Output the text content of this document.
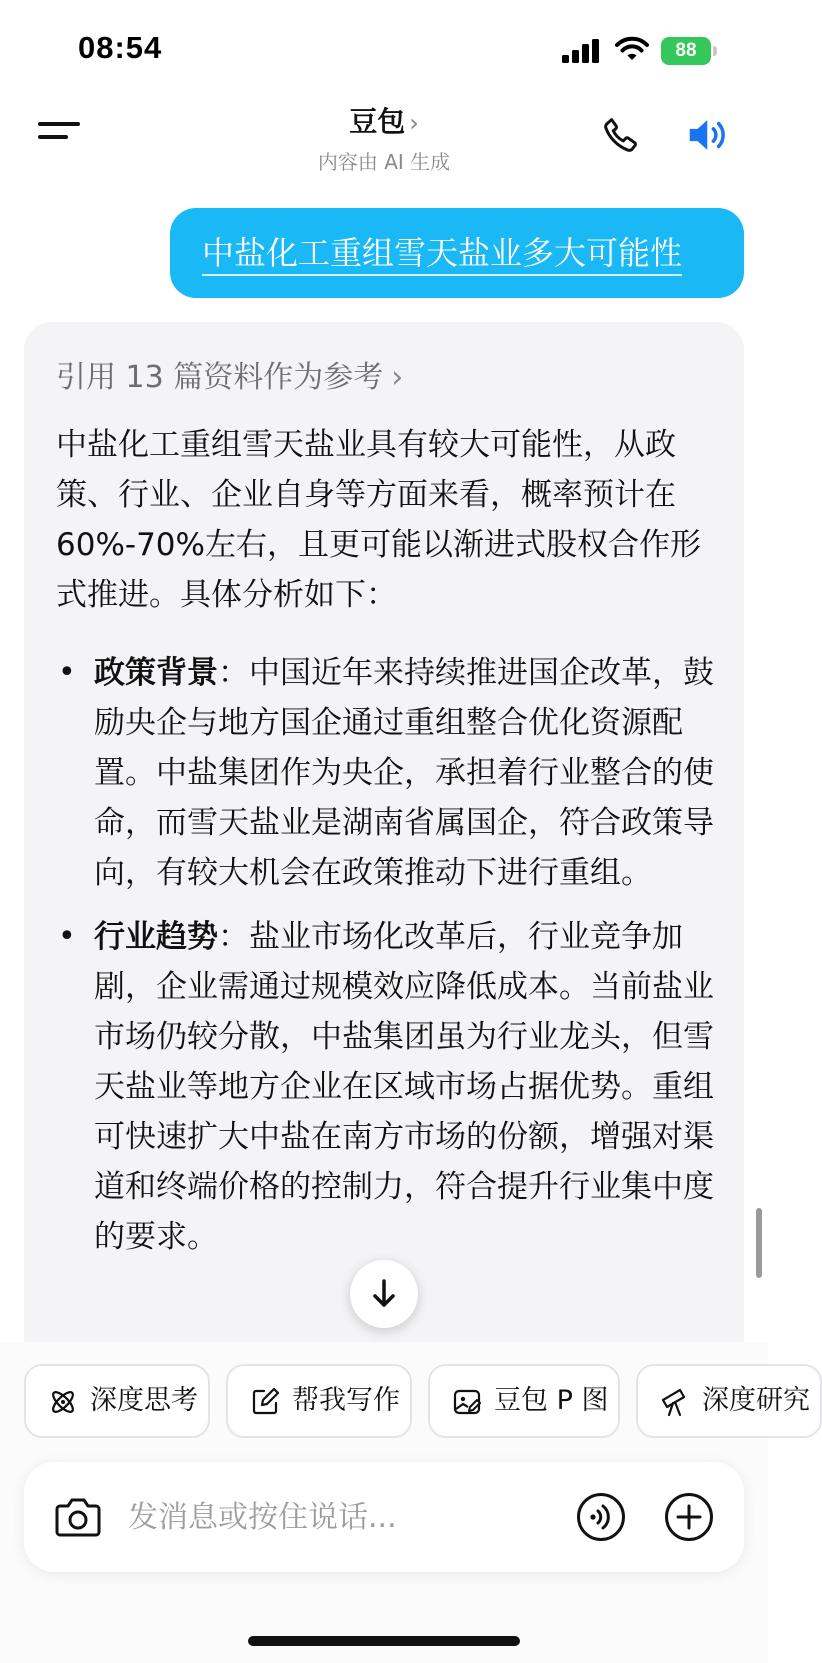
08:54	88
豆包 ›
内容由 AI 生成
中盐化工重组雪天盐业多大可能性
引用 13 篇资料作为参考 ›
中盐化工重组雪天盐业具有较大可能性，从政策、行业、企业自身等方面来看，概率预计在60%-70%左右，且更可能以渐进式股权合作形式推进。具体分析如下：
• 政策背景：中国近年来持续推进国企改革，鼓励央企与地方国企通过重组整合优化资源配置。中盐集团作为央企，承担着行业整合的使命，而雪天盐业是湖南省属国企，符合政策导向，有较大机会在政策推动下进行重组。
• 行业趋势：盐业市场化改革后，行业竞争加剧，企业需通过规模效应降低成本。当前盐业市场仍较分散，中盐集团虽为行业龙头，但雪天盐业等地方企业在区域市场占据优势。重组可快速扩大中盐在南方市场的份额，增强对渠道和终端价格的控制力，符合提升行业集中度的要求。
深度思考	帮我写作	豆包 P 图	深度研究
发消息或按住说话...
